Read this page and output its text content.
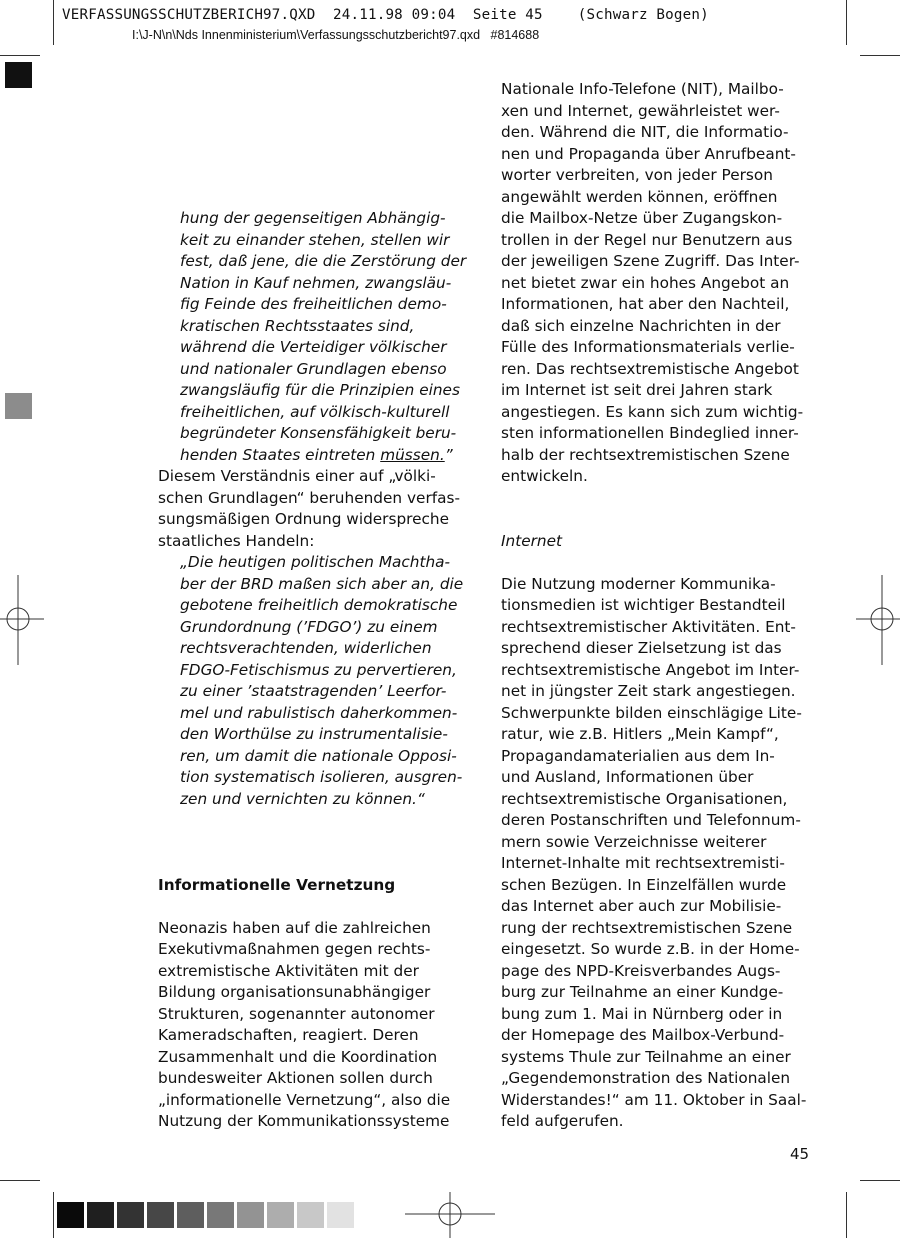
VERFASSUNGSSCHUTZBERICH97.QXD  24.11.98 09:04  Seite 45    (Schwarz Bogen)
I:\J-N\n\Nds Innenministerium\Verfassungsschutzbericht97.qxd   #814688
hung der gegenseitigen Abhängig-
keit zu einander stehen, stellen wir
fest, daß jene, die die Zerstörung der
Nation in Kauf nehmen, zwangsläu-
fig Feinde des freiheitlichen demo-
kratischen Rechtsstaates sind,
während die Verteidiger völkischer
und nationaler Grundlagen ebenso
zwangsläufig für die Prinzipien eines
freiheitlichen, auf völkisch-kulturell
begründeter Konsensfähigkeit beru-
henden Staates eintreten müssen.”
Diesem Verständnis einer auf „völki-
schen Grundlagen“ beruhenden verfas-
sungsmäßigen Ordnung widerspreche
staatliches Handeln:
„Die heutigen politischen Machtha-
ber der BRD maßen sich aber an, die
gebotene freiheitlich demokratische
Grundordnung (’FDGO’) zu einem
rechtsverachtenden, widerlichen
FDGO-Fetischismus zu pervertieren,
zu einer ’staatstragenden’ Leerfor-
mel und rabulistisch daherkommen-
den Worthülse zu instrumentalisie-
ren, um damit die nationale Opposi-
tion systematisch isolieren, ausgren-
zen und vernichten zu können.“
Informationelle Vernetzung
Neonazis haben auf die zahlreichen
Exekutivmaßnahmen gegen rechts-
extremistische Aktivitäten mit der
Bildung organisationsunabhängiger
Strukturen, sogenannter autonomer
Kameradschaften, reagiert. Deren
Zusammenhalt und die Koordination
bundesweiter Aktionen sollen durch
„informationelle Vernetzung“, also die
Nutzung der Kommunikationssysteme
Nationale Info-Telefone (NIT), Mailbo-
xen und Internet, gewährleistet wer-
den. Während die NIT, die Informatio-
nen und Propaganda über Anrufbeant-
worter verbreiten, von jeder Person
angewählt werden können, eröffnen
die Mailbox-Netze über Zugangskon-
trollen in der Regel nur Benutzern aus
der jeweiligen Szene Zugriff. Das Inter-
net bietet zwar ein hohes Angebot an
Informationen, hat aber den Nachteil,
daß sich einzelne Nachrichten in der
Fülle des Informationsmaterials verlie-
ren. Das rechtsextremistische Angebot
im Internet ist seit drei Jahren stark
angestiegen. Es kann sich zum wichtig-
sten informationellen Bindeglied inner-
halb der rechtsextremistischen Szene
entwickeln.
Internet
Die Nutzung moderner Kommunika-
tionsmedien ist wichtiger Bestandteil
rechtsextremistischer Aktivitäten. Ent-
sprechend dieser Zielsetzung ist das
rechtsextremistische Angebot im Inter-
net in jüngster Zeit stark angestiegen.
Schwerpunkte bilden einschlägige Lite-
ratur, wie z.B. Hitlers „Mein Kampf“,
Propagandamaterialien aus dem In-
und Ausland, Informationen über
rechtsextremistische Organisationen,
deren Postanschriften und Telefonnum-
mern sowie Verzeichnisse weiterer
Internet-Inhalte mit rechtsextremisti-
schen Bezügen. In Einzelfällen wurde
das Internet aber auch zur Mobilisie-
rung der rechtsextremistischen Szene
eingesetzt. So wurde z.B. in der Home-
page des NPD-Kreisverbandes Augs-
burg zur Teilnahme an einer Kundge-
bung zum 1. Mai in Nürnberg oder in
der Homepage des Mailbox-Verbund-
systems Thule zur Teilnahme an einer
„Gegendemonstration des Nationalen
Widerstandes!“ am 11. Oktober in Saal-
feld aufgerufen.
45
